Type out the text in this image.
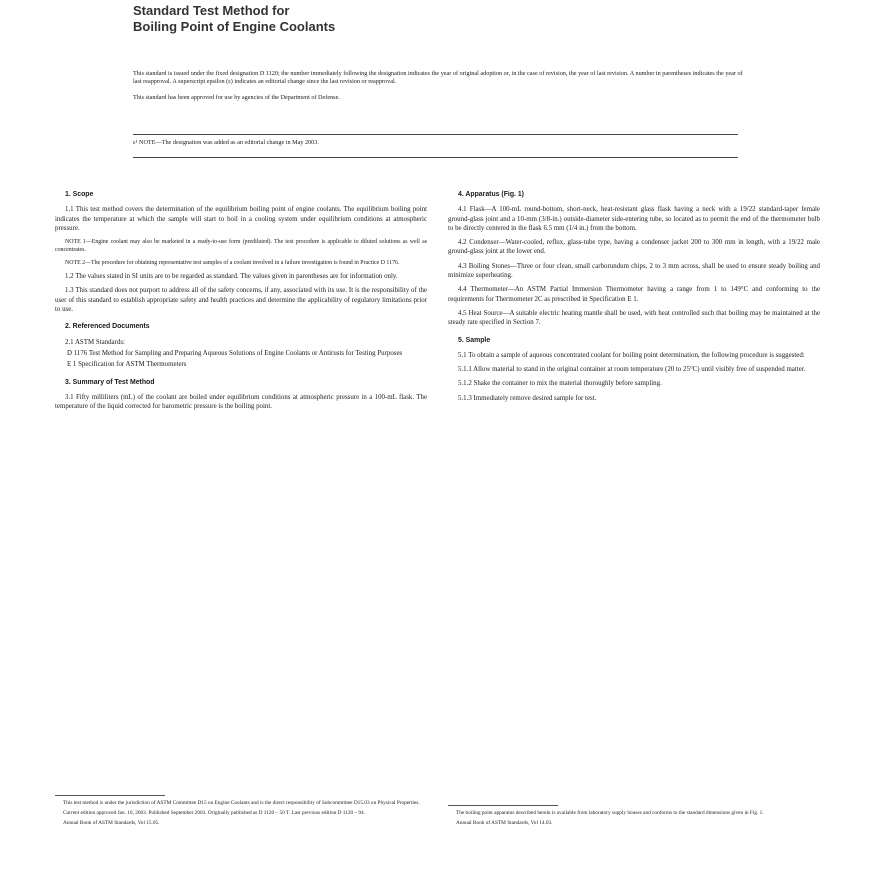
Standard Test Method for

Boiling Point of Engine Coolants

This standard is issued under the fixed designation D 1120; the number immediately following the designation indicates the year of original adoption or, in the case of revision, the year of last revision. A number in parentheses indicates the year of last reapproval. A superscript epsilon (ε) indicates an editorial change since the last revision or reapproval.

This standard has been approved for use by agencies of the Department of Defense.

ε¹ NOTE—The designation was added as an editorial change in May 2003.
1. Scope

1.1 This test method covers the determination of the equilibrium boiling point of engine coolants. The equilibrium boiling point indicates the temperature at which the sample will start to boil in a cooling system under equilibrium conditions at atmospheric pressure.

NOTE 1—Engine coolant may also be marketed in a ready-to-use form (prediluted). The test procedure is applicable to diluted solutions as well as concentrates.

NOTE 2—The procedure for obtaining representative test samples of a coolant involved in a failure investigation is found in Practice D 1176.

1.2 The values stated in SI units are to be regarded as standard. The values given in parentheses are for information only.

1.3 This standard does not purport to address all of the safety concerns, if any, associated with its use. It is the responsibility of the user of this standard to establish appropriate safety and health practices and determine the applicability of regulatory limitations prior to use.

2. Referenced Documents

2.1 ASTM Standards:

D 1176 Test Method for Sampling and Preparing Aqueous Solutions of Engine Coolants or Antirusts for Testing Purposes

E 1 Specification for ASTM Thermometers

3. Summary of Test Method

3.1 Fifty milliliters (mL) of the coolant are boiled under equilibrium conditions at atmospheric pressure in a 100-mL flask. The temperature of the liquid corrected for barometric pressure is the boiling point.

This test method is under the jurisdiction of ASTM Committee D15 on Engine Coolants and is the direct responsibility of Subcommittee D15.03 on Physical Properties.

Current edition approved Jan. 10, 2003. Published September 2003. Originally published as D 1120 – 50 T. Last previous edition D 1120 – 94.

Annual Book of ASTM Standards, Vol 15.05.

4. Apparatus (Fig. 1)

4.1 Flask—A 100-mL round-bottom, short-neck, heat-resistant glass flask having a neck with a 19/22 standard-taper female ground-glass joint and a 10-mm (3/8-in.) outside-diameter side-entering tube, so located as to permit the end of the thermometer bulb to be directly centered in the flask 6.5 mm (1/4 in.) from the bottom.

4.2 Condenser—Water-cooled, reflux, glass-tube type, having a condenser jacket 200 to 300 mm in length, with a 19/22 male ground-glass joint at the lower end.

4.3 Boiling Stones—Three or four clean, small carborundum chips, 2 to 3 mm across, shall be used to ensure steady boiling and minimize superheating.

4.4 Thermometer—An ASTM Partial Immersion Thermometer having a range from 1 to 149°C and conforming to the requirements for Thermometer 2C as prescribed in Specification E 1.

4.5 Heat Source—A suitable electric heating mantle shall be used, with heat controlled such that boiling may be maintained at the steady rate specified in Section 7.

5. Sample

5.1 To obtain a sample of aqueous concentrated coolant for boiling point determination, the following procedure is suggested:

5.1.1 Allow material to stand in the original container at room temperature (20 to 25°C) until visibly free of suspended matter.

5.1.2 Shake the container to mix the material thoroughly before sampling.

5.1.3 Immediately remove desired sample for test.

The boiling point apparatus described herein is available from laboratory supply houses and conforms to the standard dimensions given in Fig. 1.

Annual Book of ASTM Standards, Vol 14.03.
